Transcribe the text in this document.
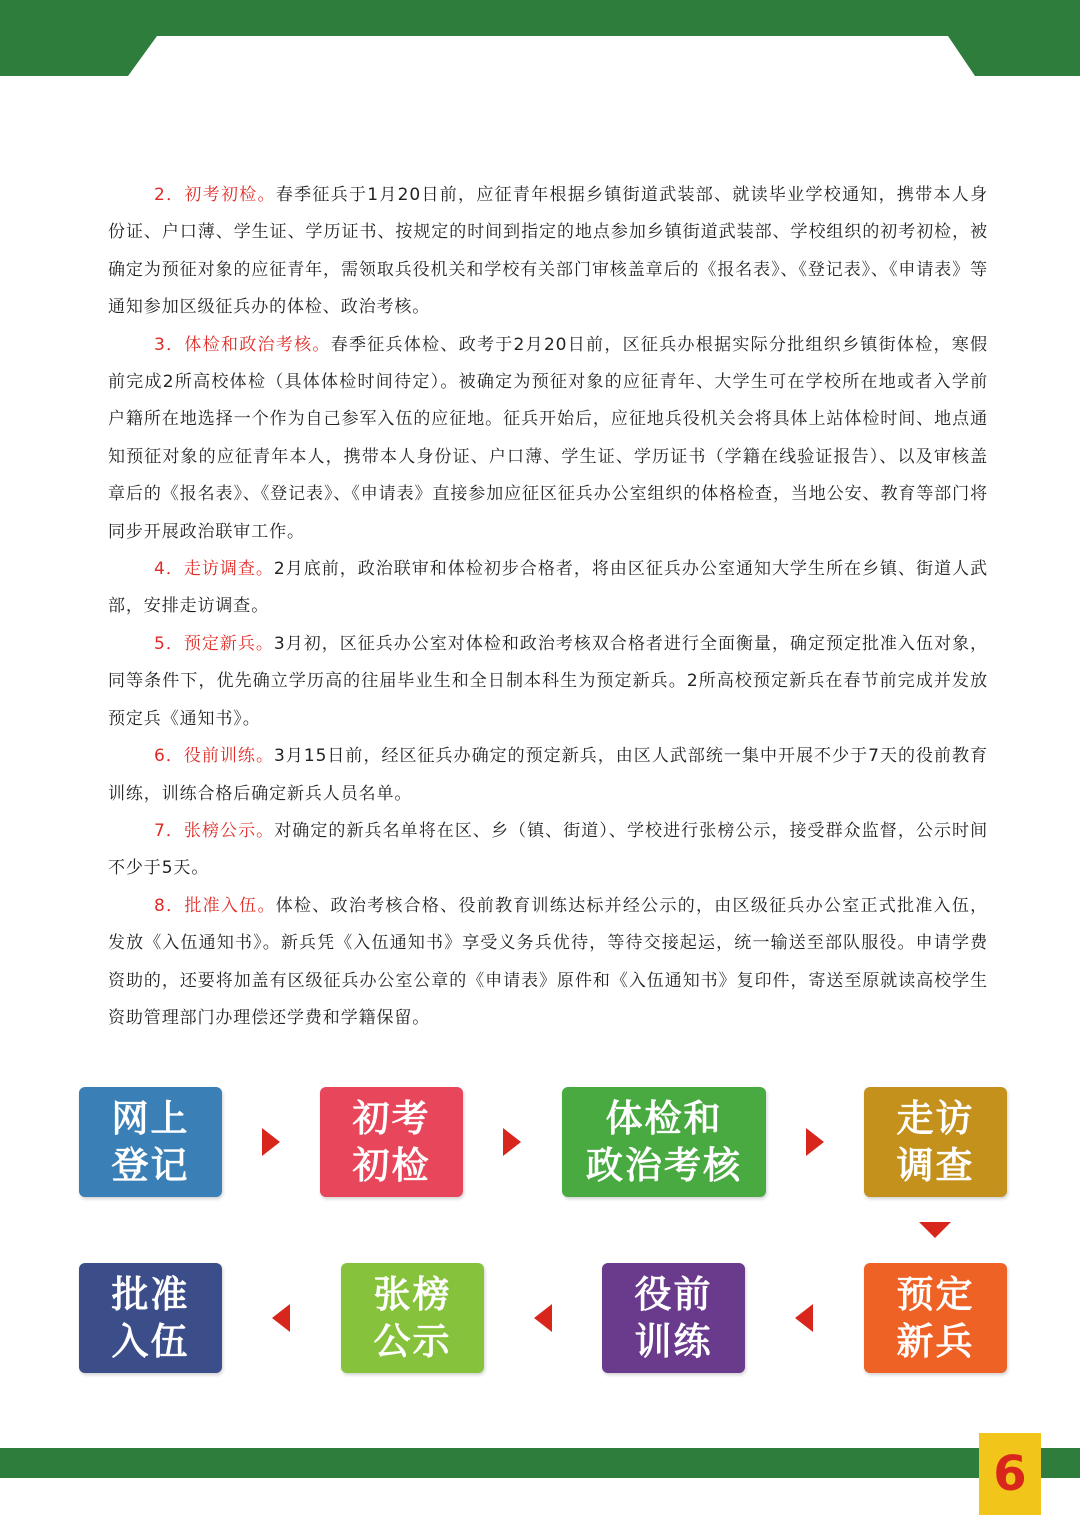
2．初考初检。春季征兵于1月20日前，应征青年根据乡镇街道武装部、就读毕业学校通知，携带本人身份证、户口薄、学生证、学历证书、按规定的时间到指定的地点参加乡镇街道武装部、学校组织的初考初检，被确定为预征对象的应征青年，需领取兵役机关和学校有关部门审核盖章后的《报名表》、《登记表》、《申请表》等通知参加区级征兵办的体检、政治考核。

3．体检和政治考核。春季征兵体检、政考于2月20日前，区征兵办根据实际分批组织乡镇街体检，寒假前完成2所高校体检（具体体检时间待定）。被确定为预征对象的应征青年、大学生可在学校所在地或者入学前户籍所在地选择一个作为自己参军入伍的应征地。征兵开始后，应征地兵役机关会将具体上站体检时间、地点通知预征对象的应征青年本人，携带本人身份证、户口薄、学生证、学历证书（学籍在线验证报告）、以及审核盖章后的《报名表》、《登记表》、《申请表》直接参加应征区征兵办公室组织的体格检查，当地公安、教育等部门将同步开展政治联审工作。

4．走访调查。2月底前，政治联审和体检初步合格者，将由区征兵办公室通知大学生所在乡镇、街道人武部，安排走访调查。

5．预定新兵。3月初，区征兵办公室对体检和政治考核双合格者进行全面衡量，确定预定批准入伍对象，同等条件下，优先确立学历高的往届毕业生和全日制本科生为预定新兵。2所高校预定新兵在春节前完成并发放预定兵《通知书》。

6．役前训练。3月15日前，经区征兵办确定的预定新兵，由区人武部统一集中开展不少于7天的役前教育训练，训练合格后确定新兵人员名单。

7．张榜公示。对确定的新兵名单将在区、乡（镇、街道）、学校进行张榜公示，接受群众监督，公示时间不少于5天。

8．批准入伍。体检、政治考核合格、役前教育训练达标并经公示的，由区级征兵办公室正式批准入伍，发放《入伍通知书》。新兵凭《入伍通知书》享受义务兵优待，等待交接起运，统一输送至部队服役。申请学费资助的，还要将加盖有区级征兵办公室公章的《申请表》原件和《入伍通知书》复印件，寄送至原就读高校学生资助管理部门办理偿还学费和学籍保留。

网上
登记
初考
初检
体检和
政治考核
走访
调查
批准
入伍
张榜
公示
役前
训练
预定
新兵
6
